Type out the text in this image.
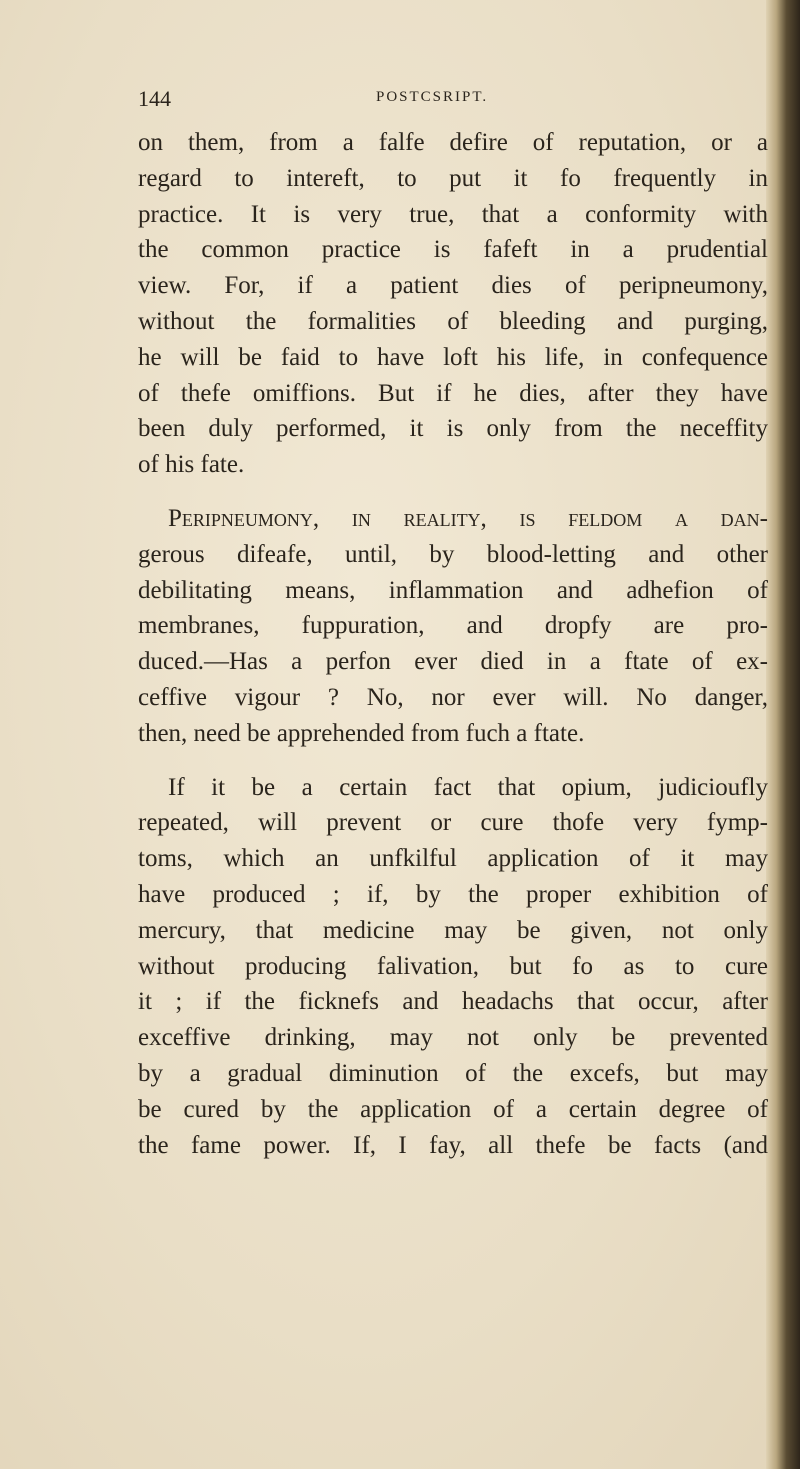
144	POSTCSRIPT.
on them, from a falfe defire of reputation, or a
regard to intereft, to put it fo frequently in
practice. It is very true, that a conformity with
the common practice is fafeft in a prudential
view. For, if a patient dies of peripneumony,
without the formalities of bleeding and purging,
he will be faid to have loft his life, in confequence
of thefe omiffions. But if he dies, after they have
been duly performed, it is only from the neceffity
of his fate.
Peripneumony, in reality, is feldom a dan-
gerous difeafe, until, by blood-letting and other
debilitating means, inflammation and adhefion of
membranes, fuppuration, and dropfy are pro-
duced.—Has a perfon ever died in a ftate of ex-
ceffive vigour ? No, nor ever will. No danger,
then, need be apprehended from fuch a ftate.
If it be a certain fact that opium, judicioufly
repeated, will prevent or cure thofe very fymp-
toms, which an unfkilful application of it may
have produced ; if, by the proper exhibition of
mercury, that medicine may be given, not only
without producing falivation, but fo as to cure
it ; if the ficknefs and headachs that occur, after
exceffive drinking, may not only be prevented
by a gradual diminution of the excefs, but may
be cured by the application of a certain degree of
the fame power. If, I fay, all thefe be facts (and
